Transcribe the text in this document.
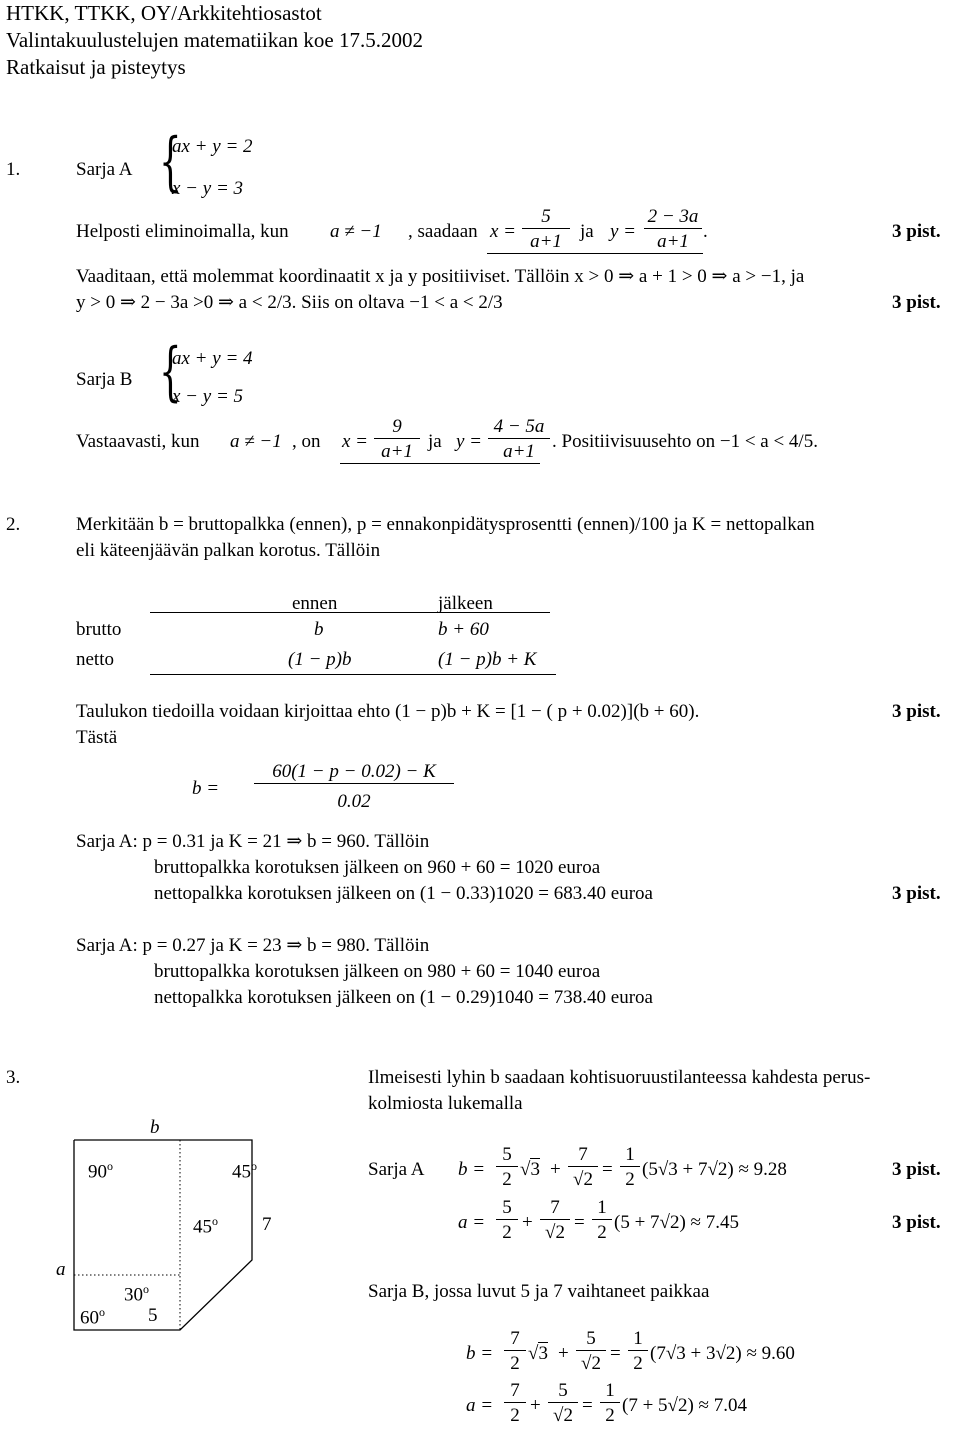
HTKK, TTKK, OY/Arkkitehtiosastot
Valintakuulustelujen matematiikan koe 17.5.2002
Ratkaisut ja pisteytys
1.	Sarja A {
ax + y = 2
x − y = 3
Helposti eliminoimalla, kun a ≠ −1 , saadaan $x = \frac{5}{a+1}$ ja $y = \frac{2 - 3a}{a+1}$ .	3 pist.
Vaaditaan, että molemmat koordinaatit x ja y positiiviset. Tällöin x > 0 ⇒ a + 1 > 0 ⇒ a > −1, ja
y > 0 ⇒ 2 − 3a >0 ⇒ a < 2/3. Siis on oltava −1 < a < 2/3	3 pist.
Sarja B {
ax + y = 4
x − y = 5
Vastaavasti, kun a ≠ −1 , on $x = \frac{9}{a+1}$ ja $y = \frac{4 - 5a}{a+1}$ . Positiivisuusehto on −1 < a < 4/5.
2.	Merkitään b = bruttopalkka (ennen), p = ennakonpidätysprosentti (ennen)/100 ja K = nettopalkan
eli käteenjäävän palkan korotus. Tällöin
ennen	jälkeen
brutto	b	b + 60
netto	(1 − p)b	(1 − p)b + K
Taulukon tiedoilla voidaan kirjoittaa ehto (1 − p)b + K = [1 − ( p + 0.02)](b + 60).	3 pist.
Tästä
$b = \frac{60(1 - p - 0.02) - K}{0.02}$
Sarja A: p = 0.31 ja K = 21 ⇒ b = 960. Tällöin
bruttopalkka korotuksen jälkeen on 960 + 60 = 1020 euroa
nettopalkka korotuksen jälkeen on (1 − 0.33)1020 = 683.40 euroa	3 pist.
Sarja A: p = 0.27 ja K = 23 ⇒ b = 980. Tällöin
bruttopalkka korotuksen jälkeen on 980 + 60 = 1040 euroa
nettopalkka korotuksen jälkeen on (1 − 0.29)1040 = 738.40 euroa
3.	Ilmeisesti lyhin b saadaan kohtisuoruustilanteessa kahdesta perus-
kolmiosta lukemalla
b
a
90$^o$	45$^o$
45$^o$ 7
30$^o$
60$^o$ 5
Sarja A $b = \frac{5}{2} √3 + \frac{7}{√2} = \frac{1}{2} (5√3 + 7√2) \approx 9.28$	3 pist.
$a = \frac{5}{2} + \frac{7}{√2} = \frac{1}{2} (5 + 7√2) \approx 7.45$	3 pist.
Sarja B, jossa luvut 5 ja 7 vaihtaneet paikkaa
$b = \frac{7}{2} √3 + \frac{5}{√2} = \frac{1}{2} (7√3 + 3√2) \approx 9.60$
$a = \frac{7}{2} + \frac{5}{√2} = \frac{1}{2} (7 + 5√2) \approx 7.04$
